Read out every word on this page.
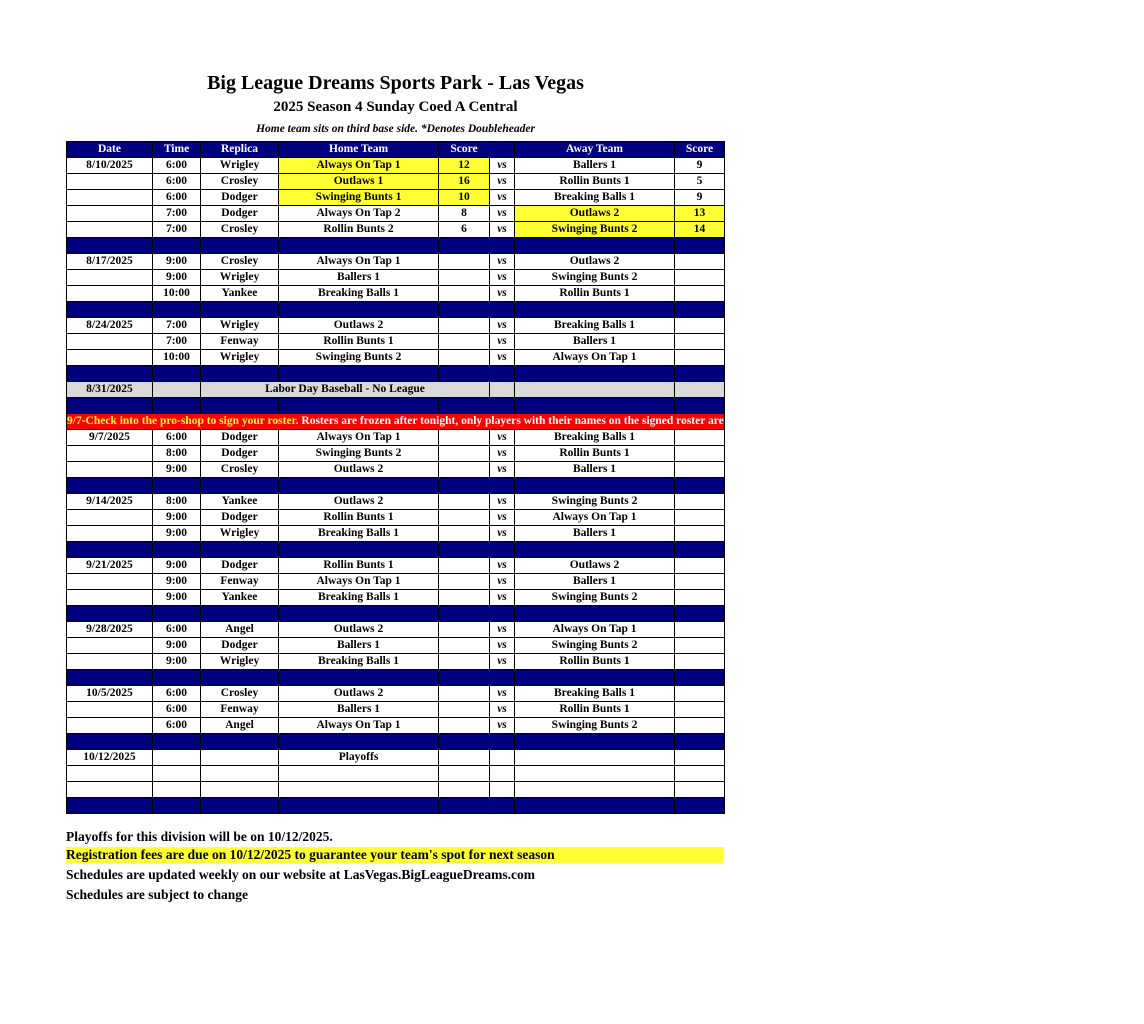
Big League Dreams Sports Park - Las Vegas
2025 Season 4 Sunday Coed A Central
Home team sits on third base side. *Denotes Doubleheader
Date	Time	Replica	Home Team	Score		Away Team	Score
8/10/2025	6:00	Wrigley	Always On Tap 1	12	vs	Ballers 1	9
	6:00	Crosley	Outlaws 1	16	vs	Rollin Bunts 1	5
	6:00	Dodger	Swinging Bunts 1	10	vs	Breaking Balls 1	9
	7:00	Dodger	Always On Tap 2	8	vs	Outlaws 2	13
	7:00	Crosley	Rollin Bunts 2	6	vs	Swinging Bunts 2	14

8/17/2025	9:00	Crosley	Always On Tap 1		vs	Outlaws 2	
	9:00	Wrigley	Ballers 1		vs	Swinging Bunts 2	
	10:00	Yankee	Breaking Balls 1		vs	Rollin Bunts 1	

8/24/2025	7:00	Wrigley	Outlaws 2		vs	Breaking Balls 1	
	7:00	Fenway	Rollin Bunts 1		vs	Ballers 1	
	10:00	Wrigley	Swinging Bunts 2		vs	Always On Tap 1	

8/31/2025		Labor Day Baseball - No League					

9/7-Check into the pro-shop to sign your roster. Rosters are frozen after tonight, only players with their names on the signed roster are eligible for playoffs. Please check carefully as changes will not be made for omissions.							
9/7/2025	6:00	Dodger	Always On Tap 1		vs	Breaking Balls 1	
	8:00	Dodger	Swinging Bunts 2		vs	Rollin Bunts 1	
	9:00	Crosley	Outlaws 2		vs	Ballers 1	

9/14/2025	8:00	Yankee	Outlaws 2		vs	Swinging Bunts 2	
	9:00	Dodger	Rollin Bunts 1		vs	Always On Tap 1	
	9:00	Wrigley	Breaking Balls 1		vs	Ballers 1	

9/21/2025	9:00	Dodger	Rollin Bunts 1		vs	Outlaws 2	
	9:00	Fenway	Always On Tap 1		vs	Ballers 1	
	9:00	Yankee	Breaking Balls 1		vs	Swinging Bunts 2	

9/28/2025	6:00	Angel	Outlaws 2		vs	Always On Tap 1	
	9:00	Dodger	Ballers 1		vs	Swinging Bunts 2	
	9:00	Wrigley	Breaking Balls 1		vs	Rollin Bunts 1	

10/5/2025	6:00	Crosley	Outlaws 2		vs	Breaking Balls 1	
	6:00	Fenway	Ballers 1		vs	Rollin Bunts 1	
	6:00	Angel	Always On Tap 1		vs	Swinging Bunts 2	

10/12/2025			Playoffs				

Playoffs for this division will be on 10/12/2025.
Registration fees are due on 10/12/2025 to guarantee your team's spot for next season
Schedules are updated weekly on our website at LasVegas.BigLeagueDreams.com
Schedules are subject to change
